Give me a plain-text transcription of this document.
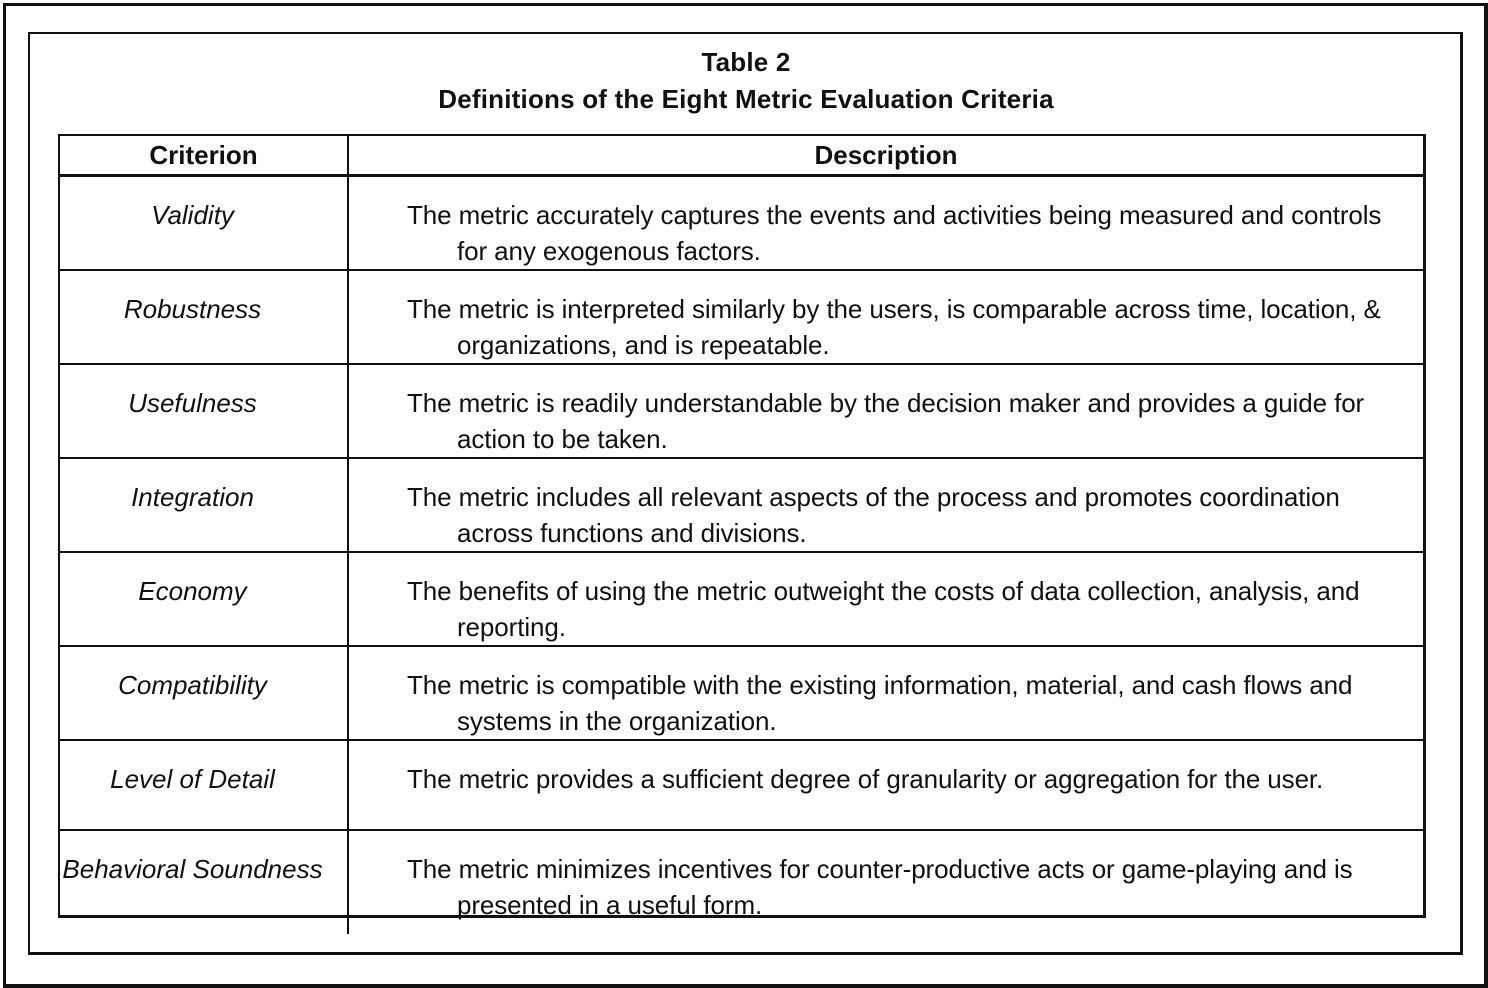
Table 2
Definitions of the Eight Metric Evaluation Criteria
Criterion	Description
Validity	The metric accurately captures the events and activities being measured and controls for any exogenous factors.

Robustness	The metric is interpreted similarly by the users, is comparable across time, location, & organizations, and is repeatable.

Usefulness	The metric is readily understandable by the decision maker and provides a guide for action to be taken.

Integration	The metric includes all relevant aspects of the process and promotes coordination across functions and divisions.

Economy	The benefits of using the metric outweight the costs of data collection, analysis, and reporting.

Compatibility	The metric is compatible with the existing information, material, and cash flows and systems in the organization.

Level of Detail	The metric provides a sufficient degree of granularity or aggregation for the user.

Behavioral Soundness	The metric minimizes incentives for counter-productive acts or game-playing and is presented in a useful form.
